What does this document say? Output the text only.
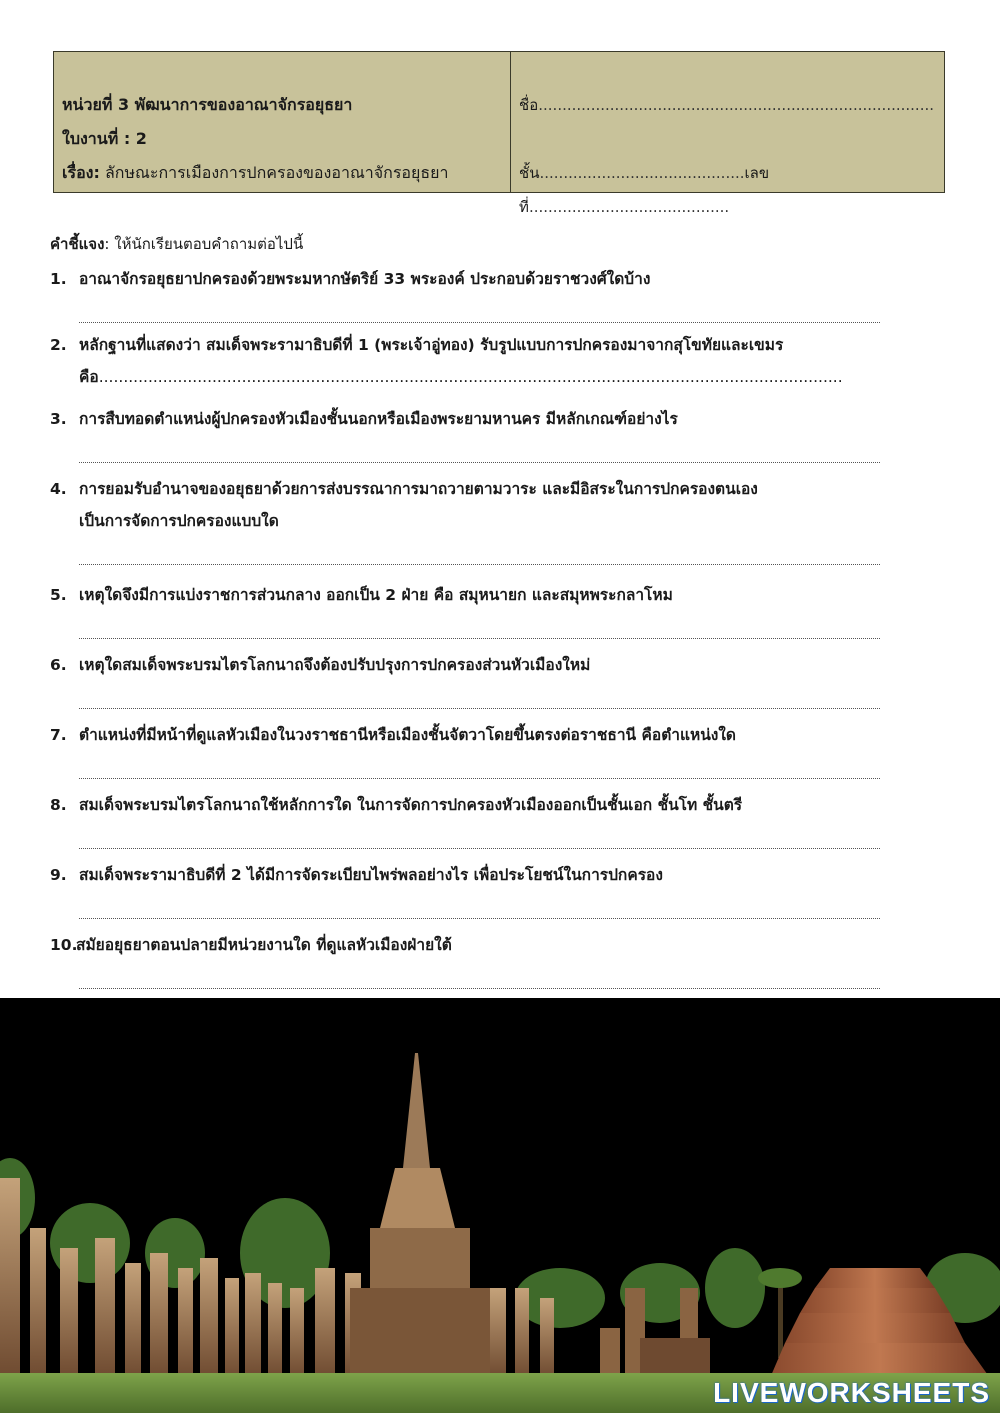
หน่วยที่ 3 พัฒนาการของอาณาจักรอยุธยา
ใบงานที่ : 2
เรื่อง: ลักษณะการเมืองการปกครองของอาณาจักรอยุธยา
ชื่อ...................................................................................
ชั้น...........................................เลขที่..........................................
คำชี้แจง: ให้นักเรียนตอบคำถามต่อไปนี้
1. อาณาจักรอยุธยาปกครองด้วยพระมหากษัตริย์ 33 พระองค์ ประกอบด้วยราชวงศ์ใดบ้าง
2. หลักฐานที่แสดงว่า สมเด็จพระรามาธิบดีที่ 1 (พระเจ้าอู่ทอง) รับรูปแบบการปกครองมาจากสุโขทัยและเขมร
คือ.......................................................................................................................................................
3. การสืบทอดตำแหน่งผู้ปกครองหัวเมืองชั้นนอกหรือเมืองพระยามหานคร มีหลักเกณฑ์อย่างไร
4. การยอมรับอำนาจของอยุธยาด้วยการส่งบรรณาการมาถวายตามวาระ และมีอิสระในการปกครองตนเอง
เป็นการจัดการปกครองแบบใด
5. เหตุใดจึงมีการแบ่งราชการส่วนกลาง ออกเป็น 2 ฝ่าย คือ สมุหนายก และสมุหพระกลาโหม
6. เหตุใดสมเด็จพระบรมไตรโลกนาถจึงต้องปรับปรุงการปกครองส่วนหัวเมืองใหม่
7. ตำแหน่งที่มีหน้าที่ดูแลหัวเมืองในวงราชธานีหรือเมืองชั้นจัตวาโดยขึ้นตรงต่อราชธานี คือตำแหน่งใด
8. สมเด็จพระบรมไตรโลกนาถใช้หลักการใด ในการจัดการปกครองหัวเมืองออกเป็นชั้นเอก ชั้นโท ชั้นตรี
9. สมเด็จพระรามาธิบดีที่ 2 ได้มีการจัดระเบียบไพร่พลอย่างไร เพื่อประโยชน์ในการปกครอง
10.
สมัยอยุธยาตอนปลายมีหน่วยงานใด ที่ดูแลหัวเมืองฝ่ายใต้
LIVEWORKSHEETS
